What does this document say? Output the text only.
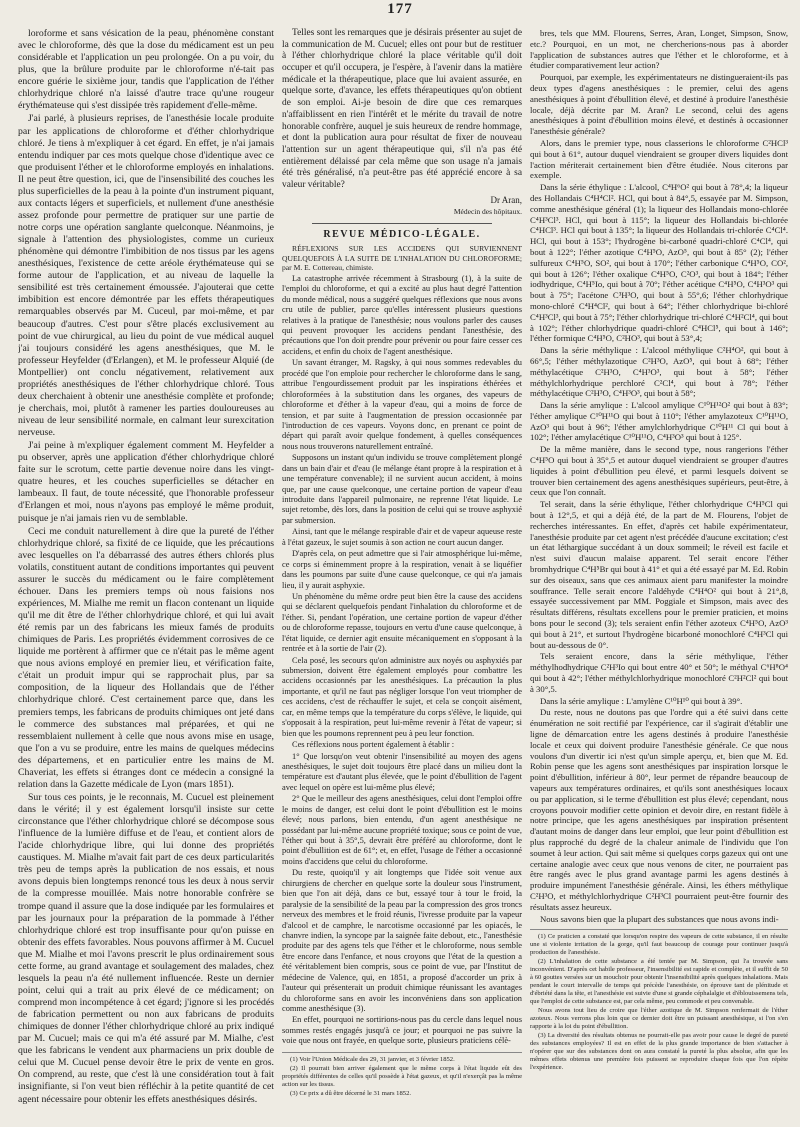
177

loroforme et sans vésication de la peau, phénomène constant avec le chloroforme, dès que la dose du médicament est un peu considérable et l'application un peu prolongée. On a pu voir, du plus, que la brûlure produite par le chloroforme n'é-tait pas encore guérie le sixième jour, tandis que l'application de l'éther chlorhydrique chloré n'a laissé d'autre trace qu'une rougeur érythémateuse qui s'est dissipée très rapidement d'elle-même.

J'ai parlé, à plusieurs reprises, de l'anesthésie locale produite par les applications de chloroforme et d'éther chlorhydrique chloré. Je tiens à m'expliquer à cet égard. En effet, je n'ai jamais entendu indiquer par ces mots quelque chose d'identique avec ce que produisent l'éther et le chloroforme employés en inhalations. Il ne peut être question, ici, que de l'insensibilité des couches les plus superficielles de la peau à la pointe d'un instrument piquant, aux contacts légers et superficiels, et nullement d'une anesthésie assez profonde pour permettre de pratiquer sur une partie de notre corps une opération sanglante quelconque. Néanmoins, je signale à l'attention des physiologistes, comme un curieux phénomène qui démontre l'imbibition de nos tissus par les agens anesthésiques, l'existence de cette aréole érythémateuse qui se forme autour de l'application, et au niveau de laquelle la sensibilité est très certainement émoussée. J'ajouterai que cette imbibition est encore démontrée par les effets thérapeutiques remarquables observés par M. Cuceul, par moi-même, et par beaucoup d'autres. C'est pour s'être placés exclusivement au point de vue chirurgical, au lieu du point de vue médical auquel j'ai toujours considéré les agens anesthésiques, que M. le professeur Heyfelder (d'Erlangen), et M. le professeur Alquié (de Montpellier) ont conclu négativement, relativement aux propriétés anesthésiques de l'éther chlorhydrique chloré. Tous deux cherchaient à obtenir une anesthésie complète et profonde; je cherchais, moi, plutôt à ramener les parties douloureuses au niveau de leur sensibilité normale, en calmant leur surexcitation nerveuse.

J'ai peine à m'expliquer également comment M. Heyfelder a pu observer, après une application d'éther chlorhydrique chloré faite sur le scrotum, cette partie devenue noire dans les vingt-quatre heures, et les couches superficielles se détacher en lambeaux. Il faut, de toute nécessité, que l'honorable professeur d'Erlangen et moi, nous n'ayons pas employé le même produit, puisque je n'ai jamais rien vu de semblable.

Ceci me conduit naturellement à dire que la pureté de l'éther chlorhydrique chloré, sa fixité de ce liquide, que les précautions avec lesquelles on l'a débarrassé des autres éthers chlorés plus volatils, constituent autant de conditions importantes qui peuvent assurer le succès du médicament ou le faire complètement échouer. Dans les premiers temps où nous faisions nos expériences, M. Mialhe me remit un flacon contenant un liquide qu'il me dit être de l'éther chlorhydrique chloré, et qui lui avait été remis par un des fabricans les mieux famés de produits chimiques de Paris. Les propriétés évidemment corrosives de ce liquide me portèrent à affirmer que ce n'était pas le même agent que nous avions employé en premier lieu, et vérification faite, c'était un produit impur qui se rapprochait plus, par sa composition, de la liqueur des Hollandais que de l'éther chlorhydrique chloré. C'est certainement parce que, dans les premiers temps, les fabricans de produits chimiques ont jeté dans le commerce des substances mal préparées, et qui ne ressemblaient nullement à celle que nous avons mise en usage, que l'on a vu se produire, entre les mains de quelques médecins des départemens, et en particulier entre les mains de M. Chaveriat, les effets si étranges dont ce médecin a consigné la relation dans la Gazette médicale de Lyon (mars 1851).

Sur tous ces points, je le reconnais, M. Cucuel est pleinement dans le vérité; il y est également lorsqu'il insiste sur cette circonstance que l'éther chlorhydrique chloré se décompose sous l'influence de la lumière diffuse et de l'eau, et contient alors de l'acide chlorhydrique libre, qui lui donne des propriétés caustiques. M. Mialhe m'avait fait part de ces deux particularités très peu de temps après la publication de nos essais, et nous avons depuis bien longtemps renoncé tous les deux à nous servir de la compresse mouillée. Mais notre honorable confrère se trompe quand il assure que la dose indiquée par les formulaires et par les journaux pour la préparation de la pommade à l'éther chlorhydrique chloré est trop insuffisante pour qu'on puisse en obtenir des effets favorables. Nous pouvons affirmer à M. Cucuel que M. Mialhe et moi l'avons prescrit le plus ordinairement sous cette forme, au grand avantage et soulagement des malades, chez lesquels la peau n'a été nullement influencée. Reste un dernier point, celui qui a trait au prix élevé de ce médicament; on comprend mon incompétence à cet égard; j'ignore si les procédés de fabrication permettent ou non aux fabricans de produits chimiques de donner l'éther chlorhydrique chloré au prix indiqué par M. Cucuel; mais ce qui m'a été assuré par M. Mialhe, c'est que les fabricans le vendent aux pharmaciens un prix double de celui que M. Cucuel pense devoir être le prix de vente en gros. On comprend, au reste, que c'est là une considération tout à fait insignifiante, si l'on veut bien réfléchir à la petite quantité de cet agent nécessaire pour obtenir les effets anesthésiques désirés.

Telles sont les remarques que je désirais présenter au sujet de la communication de M. Cucuel; elles ont pour but de restituer à l'éther chlorhydrique chloré la place véritable qu'il doit occuper et qu'il occupera, je l'espère, à l'avenir dans la matière médicale et la thérapeutique, place que lui avaient assurée, en quelque sorte, d'avance, les effets thérapeutiques qu'on obtient de son emploi. Ai-je besoin de dire que ces remarques n'affaiblissent en rien l'intérêt et le mérite du travail de notre honorable confrère, auquel je suis heureux de rendre hommage, et dont la publication aura pour résultat de fixer de nouveau l'attention sur un agent thérapeutique qui, s'il n'a pas été entièrement délaissé par cela même que son usage n'a jamais été très généralisé, n'a peut-être pas été apprécié encore à sa valeur véritable?

Dr Aran,
Médecin des hôpitaux.
REVUE MÉDICO-LÉGALE.

RÉFLEXIONS SUR LES ACCIDENS QUI SURVIENNENT QUELQUEFOIS À LA SUITE DE L'INHALATION DU CHLOROFORME; par M. E. Cottereau, chimiste.

La catastrophe arrivée récemment à Strasbourg (1), à la suite de l'emploi du chloroforme, et qui a excité au plus haut degré l'attention du monde médical, nous a suggéré quelques réflexions que nous avons cru utile de publier, parce qu'elles intéressent plusieurs questions relatives à la pratique de l'anesthésie; nous voulons parler des causes qui peuvent provoquer les accidens pendant l'anesthésie, des précautions que l'on doit prendre pour prévenir ou pour faire cesser ces accidens, et enfin du choix de l'agent anesthésique.

Un savant étranger, M. Ragsky, à qui nous sommes redevables du procédé que l'on emploie pour rechercher le chloroforme dans le sang, attribue l'engourdissement produit par les inspirations éthérées et chloroformées à la substitution dans les organes, des vapeurs de chloroforme et d'éther à la vapeur d'eau, qui a moins de force de tension, et par suite à l'augmentation de pression occasionnée par l'introduction de ces vapeurs. Voyons donc, en prenant ce point de départ qui paraît avoir quelque fondement, à quelles conséquences nous nous trouverons naturellement entraîné.

Supposons un instant qu'un individu se trouve complètement plongé dans un bain d'air et d'eau (le mélange étant propre à la respiration et à une température convenable); il ne survient aucun accident, à moins que, par une cause quelconque, une certaine portion de vapeur d'eau introduite dans l'appareil pulmonaire, ne reprenne l'état liquide. Le sujet retombe, dès lors, dans la position de celui qui se trouve asphyxié par submersion.

Ainsi, tant que le mélange respirable d'air et de vapeur aqueuse reste à l'état gazeux, le sujet soumis à son action ne court aucun danger.

D'après cela, on peut admettre que si l'air atmosphérique lui-même, ce corps si éminemment propre à la respiration, venait à se liquéfier dans les poumons par suite d'une cause quelconque, ce qui n'a jamais lieu, il y aurait asphyxie.

Un phénomène du même ordre peut bien être la cause des accidens qui se déclarent quelquefois pendant l'inhalation du chloroforme et de l'éther. Si, pendant l'opération, une certaine portion de vapeur d'éther ou de chloroforme repasse, toujours en vertu d'une cause quelconque, à l'état liquide, ce dernier agit ensuite mécaniquement en s'opposant à la rentrée et à la sortie de l'air (2).

Cela posé, les secours qu'on administre aux noyés ou asphyxiés par submersion, doivent être également employés pour combattre les accidens occasionnés par les anesthésiques. La précaution la plus importante, et qu'il ne faut pas négliger lorsque l'on veut triompher de ces accidens, c'est de réchauffer le sujet, et cela se conçoit aisément, car, en même temps que la température du corps s'élève, le liquide, qui s'opposait à la respiration, peut lui-même revenir à l'état de vapeur; si bien que les poumons reprennent peu à peu leur fonction.

Ces réflexions nous portent également à établir :

1° Que lorsqu'on veut obtenir l'insensibilité au moyen des agens anesthésiques, le sujet doit toujours être placé dans un milieu dont la température est d'autant plus élevée, que le point d'ébullition de l'agent avec lequel on opère est lui-même plus élevé;

2° Que le meilleur des agens anesthésiques, celui dont l'emploi offre le moins de danger, est celui dont le point d'ébullition est le moins élevé; nous parlons, bien entendu, d'un agent anesthésique ne possédant par lui-même aucune propriété toxique; sous ce point de vue, l'éther qui bout à 35°,5, devrait être préféré au chloroforme, dont le point d'ébullition est de 61°; et, en effet, l'usage de l'éther a occasionné moins d'accidens que celui du chloroforme.

Du reste, quoiqu'il y ait longtemps que l'idée soit venue aux chirurgiens de chercher en quelque sorte la douleur sous l'instrument, bien que l'on ait déjà, dans ce but, essayé tour à tour le froid, la paralysie de la sensibilité de la peau par la compression des gros troncs nerveux des membres et le froid réunis, l'ivresse produite par la vapeur d'alcool et de camphre, le narcotisme occasionné par les opiacés, le chanvre indien, la syncope par la saignée faite debout, etc., l'anesthésie produite par des agens tels que l'éther et le chloroforme, nous semble être encore dans l'enfance, et nous croyons que l'état de la question a été véritablement bien compris, sous ce point de vue, par l'Institut de médecine de Valence, qui, en 1851, a proposé d'accorder un prix à l'auteur qui présenterait un produit chimique réunissant les avantages du chloroforme sans en avoir les inconvéniens dans son application comme anesthésique (3).

En effet, pourquoi ne sortirions-nous pas du cercle dans lequel nous sommes restés engagés jusqu'à ce jour; et pourquoi ne pas suivre la voie que nous ont frayée, en quelque sorte, plusieurs praticiens célè-

(1) Voir l'Union Médicale des 29, 31 janvier, et 3 février 1852.

(2) Il pourrait bien arriver également que le même corps à l'état liquide eût des propriétés différentes de celles qu'il possède à l'état gazeux, et qu'il n'exerçât pas la même action sur les tissus.

(3) Ce prix a dû être décerné le 31 mars 1852.

bres, tels que MM. Flourens, Serres, Aran, Longet, Simpson, Snow, etc.? Pourquoi, en un mot, ne chercherions-nous pas à aborder l'application de substances autres que l'éther et le chloroforme, et à étudier comparativement leur action?

Pourquoi, par exemple, les expérimentateurs ne distingueraient-ils pas deux types d'agens anesthésiques : le premier, celui des agens anesthésiques à point d'ébullition élevé, et destiné à produire l'anesthésie locale, déjà décrite par M. Aran? Le second, celui des agens anesthésiques à point d'ébullition moins élevé, et destinés à occasionner l'anesthésie générale?

Alors, dans le premier type, nous classerions le chloroforme C²HCl³ qui bout à 61°, autour duquel viendraient se grouper divers liquides dont l'action mériterait certainement bien d'être étudiée. Nous citerons par exemple.

Dans la série éthylique : L'alcool, C⁴H⁶O² qui bout à 78°,4; la liqueur des Hollandais C⁴H⁴Cl². HCl, qui bout à 84°,5, essayée par M. Simpson, comme anesthésique général (1); la liqueur des Hollandais mono-chlorée C⁴H³Cl³. HCl, qui bout à 115°; la liqueur des Hollandais bi-chlorée C⁴HCl³. HCl qui bout à 135°; la liqueur des Hollandais tri-chlorée C⁴Cl⁴. HCl, qui bout à 153°; l'hydrogène bi-carboné quadri-chloré C⁴Cl⁴, qui bout à 122°; l'éther azotique C⁴H⁵O, AzO⁵, qui bout à 85° (2); l'éther sulfureux C⁴H⁵O, SO², qui bout à 170°; l'éther carbonique C⁴H⁵O, CO², qui bout à 126°; l'éther oxalique C⁴H⁵O, C²O³, qui bout à 184°; l'éther iodhydrique, C⁴H⁵Io, qui bout à 70°; l'éther acétique C⁴H⁵O, C⁴H³O³ qui bout à 75°; l'acétone C³H³O, qui bout à 55°,6; l'éther chlorhydrique mono-chloré C⁴H⁴Cl², qui bout à 64°; l'éther chlorhydrique bi-chloré C⁴H³Cl³, qui bout à 75°; l'éther chlorhydrique tri-chloré C⁴H²Cl⁴, qui bout à 102°; l'éther chlorhydrique quadri-chloré C⁴HCl⁵, qui bout à 146°; l'éther formique C⁴H⁵O, C²HO³, qui bout à 53°,4;

Dans la série méthylique : L'alcool méthylique C²H⁴O², qui bout à 66°,5; l'éther méthylazotique C²H³O, AzO⁵, qui bout à 68°; l'éther méthylacétique C²H³O, C⁴H³O³, qui bout à 58°; l'éther méthylchlorhydrique perchloré C²Cl⁴, qui bout à 78°; l'éther méthylacétique C²H³O, C⁴H³O³, qui bout à 58°;

Dans la série amylique : L'alcool amylique C¹⁰H¹²O² qui bout à 83°; l'éther amylique C¹⁰H¹¹O qui bout à 110°; l'éther amylazoteux C¹⁰H¹¹O, AzO³ qui bout à 96°; l'éther amylchlorhydrique C¹⁰H¹¹ Cl qui bout à 102°; l'éther amylacétique C¹⁰H¹¹O, C⁴H³O³ qui bout à 125°.

De la même manière, dans le second type, nous rangerions l'éther C⁴H⁵O qui bout à 35°,5 et autour duquel viendraient se grouper d'autres liquides à point d'ébullition peu élevé, et parmi lesquels doivent se trouver bien certainement des agens anesthésiques supérieurs, peut-être, à ceux que l'on connaît.

Tel serait, dans la série éthylique, l'éther chlorhydrique C⁴H⁵Cl qui bout à 12°,5, et qui a déjà été, de la part de M. Flourens, l'objet de recherches intéressantes. En effet, d'après cet habile expérimentateur, l'anesthésie produite par cet agent n'est précédée d'aucune excitation; c'est un état léthargique succédant à un doux sommeil; le réveil est facile et n'est suivi d'aucun malaise apparent. Tel serait encore l'éther bromhydrique C⁴H⁵Br qui bout à 41° et qui a été essayé par M. Ed. Robin sur des oiseaux, sans que ces animaux aient paru manifester la moindre souffrance. Telle serait encore l'aldéhyde C⁴H⁴O² qui bout à 21°,8, essayée successivement par MM. Poggiale et Simpson, mais avec des résultats différens, résultats excellens pour le premier praticien, et moins bons pour le second (3); tels seraient enfin l'éther azoteux C⁴H⁵O, AzO³ qui bout à 21°, et surtout l'hydrogène bicarboné monochloré C⁴H³Cl qui bout au-dessous de 0°.

Tels seraient encore, dans la série méthylique, l'éther méthylhodhydrique C²H³Io qui bout entre 40° et 50°; le méthyal C⁶H⁸O⁴ qui bout à 42°; l'éther méthylchlorhydrique monochloré C²H²Cl² qui bout à 30°,5.

Dans la série amylique : L'amylène C¹⁰H¹⁰ qui bout à 39°.

Du reste, nous ne doutons pas que l'ordre qui a été suivi dans cette énumération ne soit rectifié par l'expérience, car il s'agirait d'établir une ligne de démarcation entre les agens destinés à produire l'anesthésie locale et ceux qui doivent produire l'anesthésie générale. Ce que nous voulons d'un divertir ici n'est qu'un simple aperçu, et, bien que M. Ed. Robin pense que les agens sont anesthésiques par inspiration lorsque le point d'ébullition, inférieur à 80°, leur permet de répandre beaucoup de vapeurs aux températures ordinaires, et qu'ils sont anesthésiques locaux ou par application, si le terme d'ébullition est plus élevé; cependant, nous croyons pouvoir modifier cette opinion et devoir dire, en restant fidèle à notre principe, que les agens anesthésiques par inspiration présentent d'autant moins de danger dans leur emploi, que leur point d'ébullition est plus rapproché du degré de la chaleur animale de l'individu que l'on soumet à leur action. Qui sait même si quelques corps gazeux qui ont une certaine analogie avec ceux que nous venons de citer, ne pourraient pas être rangés avec le plus grand avantage parmi les agens destinés à produire impunément l'anesthésie générale. Ainsi, les éthers méthylique C²H³O, et méthylchlorhydrique C²H³Cl pourraient peut-être fournir des résultats assez heureux.

Nous savons bien que la plupart des substances que nous avons indi-

(1) Ce praticien a constaté que lorsqu'on respire des vapeurs de cette substance, il en résulte une si violente irritation de la gorge, qu'il faut beaucoup de courage pour continuer jusqu'à production de l'anesthésie.

(2) L'inhalation de cette substance a été tentée par M. Simpson, qui l'a trouvée sans inconvénient. D'après cet habile professeur, l'insensibilité est rapide et complète, et il suffit de 50 à 60 gouttes versées sur un mouchoir pour obtenir l'insensibilité après quelques inhalations. Mais pendant le court intervalle de temps qui précède l'anesthésie, on éprouve tant de plénitude et d'ébriété dans la tête, et l'anesthésie est suivie d'une si grande céphalalgie et d'éblouissemens tels, que l'emploi de cette substance est, par cela même, peu commode et peu convenable.

Nous avons tout lieu de croire que l'éther azotique de M. Simpson renfermait de l'éther azoteux. Nous verrons plus loin que ce dernier doit être un puissant anesthésique, si l'on s'en rapporte à la loi du point d'ébullition.

(3) La diversité des résultats obtenus ne pourrait-elle pas avoir pour cause le degré de pureté des substances employées? Il est en effet de la plus grande importance de bien s'attacher à n'opérer que sur des substances dont on aura constaté la pureté la plus absolue, afin que les mêmes effets obtenus une première fois puissent se reproduire chaque fois que l'on répète l'expérience.
